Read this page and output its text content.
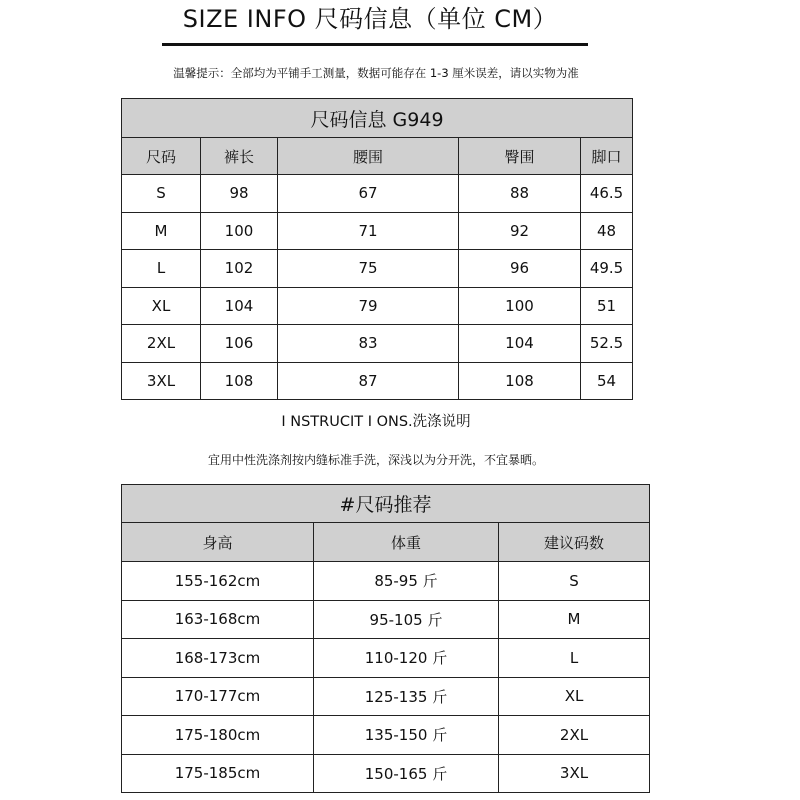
SIZE INFO 尺码信息（单位 CM）
温馨提示：全部均为平铺手工测量，数据可能存在 1-3 厘米误差，请以实物为准
尺码信息 G949				
尺码	裤长	腰围	臀围	脚口
S	98	67	88	46.5
M	100	71	92	48
L	102	75	96	49.5
XL	104	79	100	51
2XL	106	83	104	52.5
3XL	108	87	108	54
I NSTRUCIT I ONS.洗涤说明
宜用中性洗涤剂按内缝标准手洗，深浅以为分开洗，不宜暴晒。
#尺码推荐		
身高	体重	建议码数
155-162cm	85-95 斤	S
163-168cm	95-105 斤	M
168-173cm	110-120 斤	L
170-177cm	125-135 斤	XL
175-180cm	135-150 斤	2XL
175-185cm	150-165 斤	3XL
